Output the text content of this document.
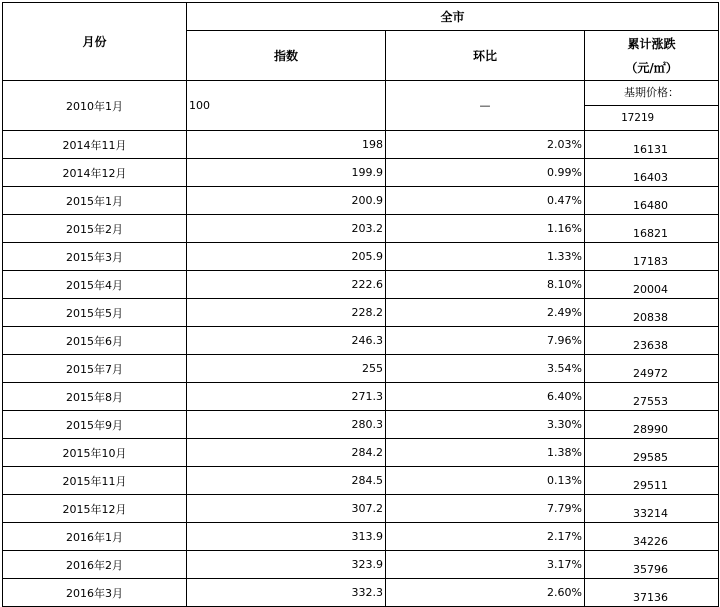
月份	全市		
	指数	环比	累计涨跌
（元/㎡）

2010年1月	100	—	基期价格：
17219

2014年11月	198	2.03%	16131
2014年12月	199.9	0.99%	16403
2015年1月	200.9	0.47%	16480
2015年2月	203.2	1.16%	16821
2015年3月	205.9	1.33%	17183
2015年4月	222.6	8.10%	20004
2015年5月	228.2	2.49%	20838
2015年6月	246.3	7.96%	23638
2015年7月	255	3.54%	24972
2015年8月	271.3	6.40%	27553
2015年9月	280.3	3.30%	28990
2015年10月	284.2	1.38%	29585
2015年11月	284.5	0.13%	29511
2015年12月	307.2	7.79%	33214
2016年1月	313.9	2.17%	34226
2016年2月	323.9	3.17%	35796
2016年3月	332.3	2.60%	37136
